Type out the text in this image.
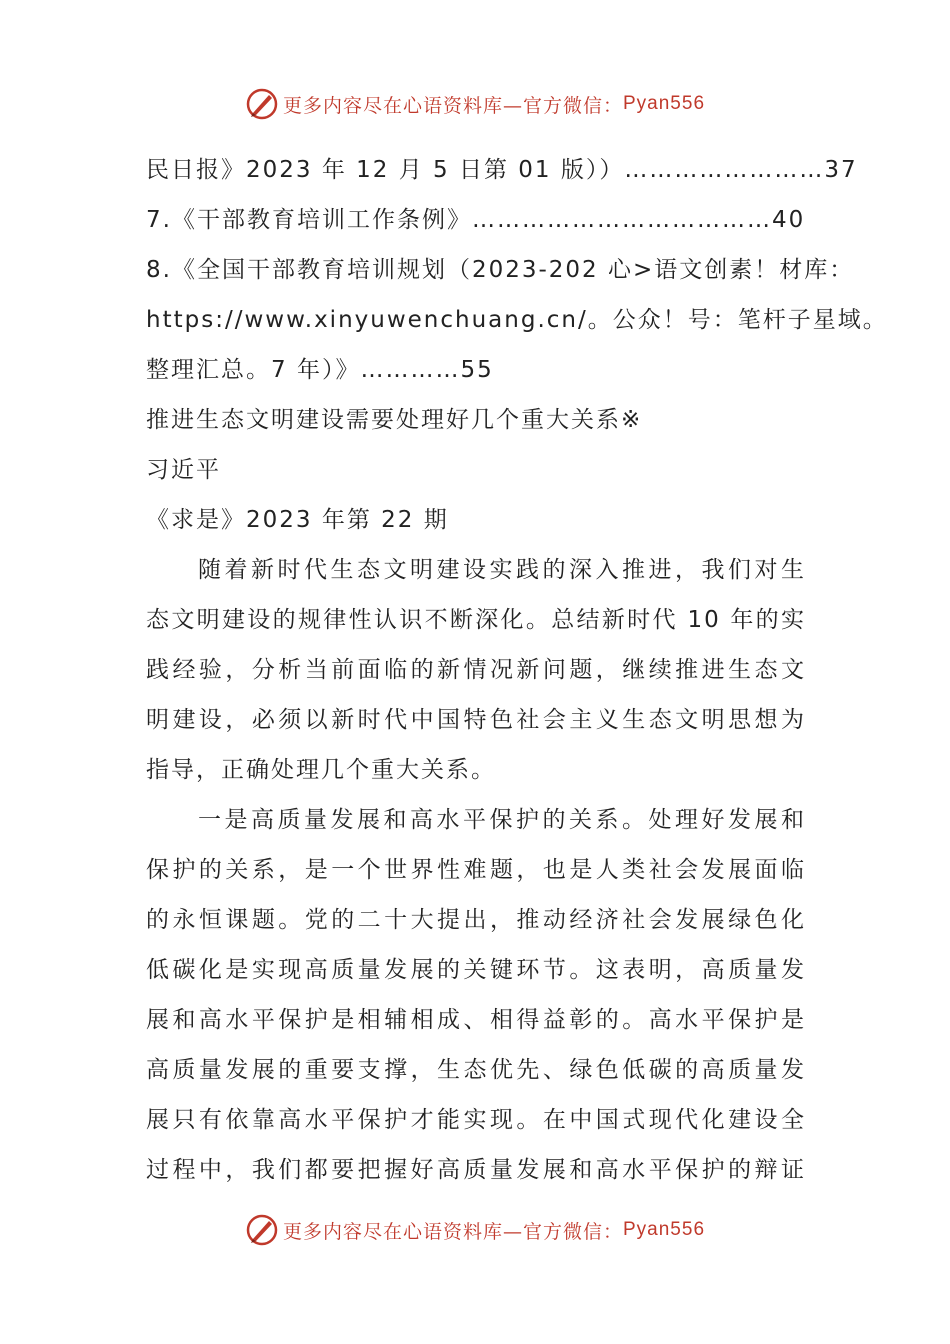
更多内容尽在心语资料库—官方微信： Pyan556
民日报》2023 年 12 月 5 日第 01 版））……………………37
7.《干部教育培训工作条例》………………………………40
8.《全国干部教育培训规划（2023-202 心>语文创素！材库：
https://www.xinyuwenchuang.cn/。公众！号：笔杆子星域。
整理汇总。7 年）》…………55
推进生态文明建设需要处理好几个重大关系※
习近平
《求是》2023 年第 22 期
随着新时代生态文明建设实践的深入推进，我们对生
态文明建设的规律性认识不断深化。总结新时代 10 年的实
践经验，分析当前面临的新情况新问题，继续推进生态文
明建设，必须以新时代中国特色社会主义生态文明思想为
指导，正确处理几个重大关系。
一是高质量发展和高水平保护的关系。处理好发展和
保护的关系，是一个世界性难题，也是人类社会发展面临
的永恒课题。党的二十大提出，推动经济社会发展绿色化
低碳化是实现高质量发展的关键环节。这表明，高质量发
展和高水平保护是相辅相成、相得益彰的。高水平保护是
高质量发展的重要支撑，生态优先、绿色低碳的高质量发
展只有依靠高水平保护才能实现。在中国式现代化建设全
过程中，我们都要把握好高质量发展和高水平保护的辩证
更多内容尽在心语资料库—官方微信： Pyan556
